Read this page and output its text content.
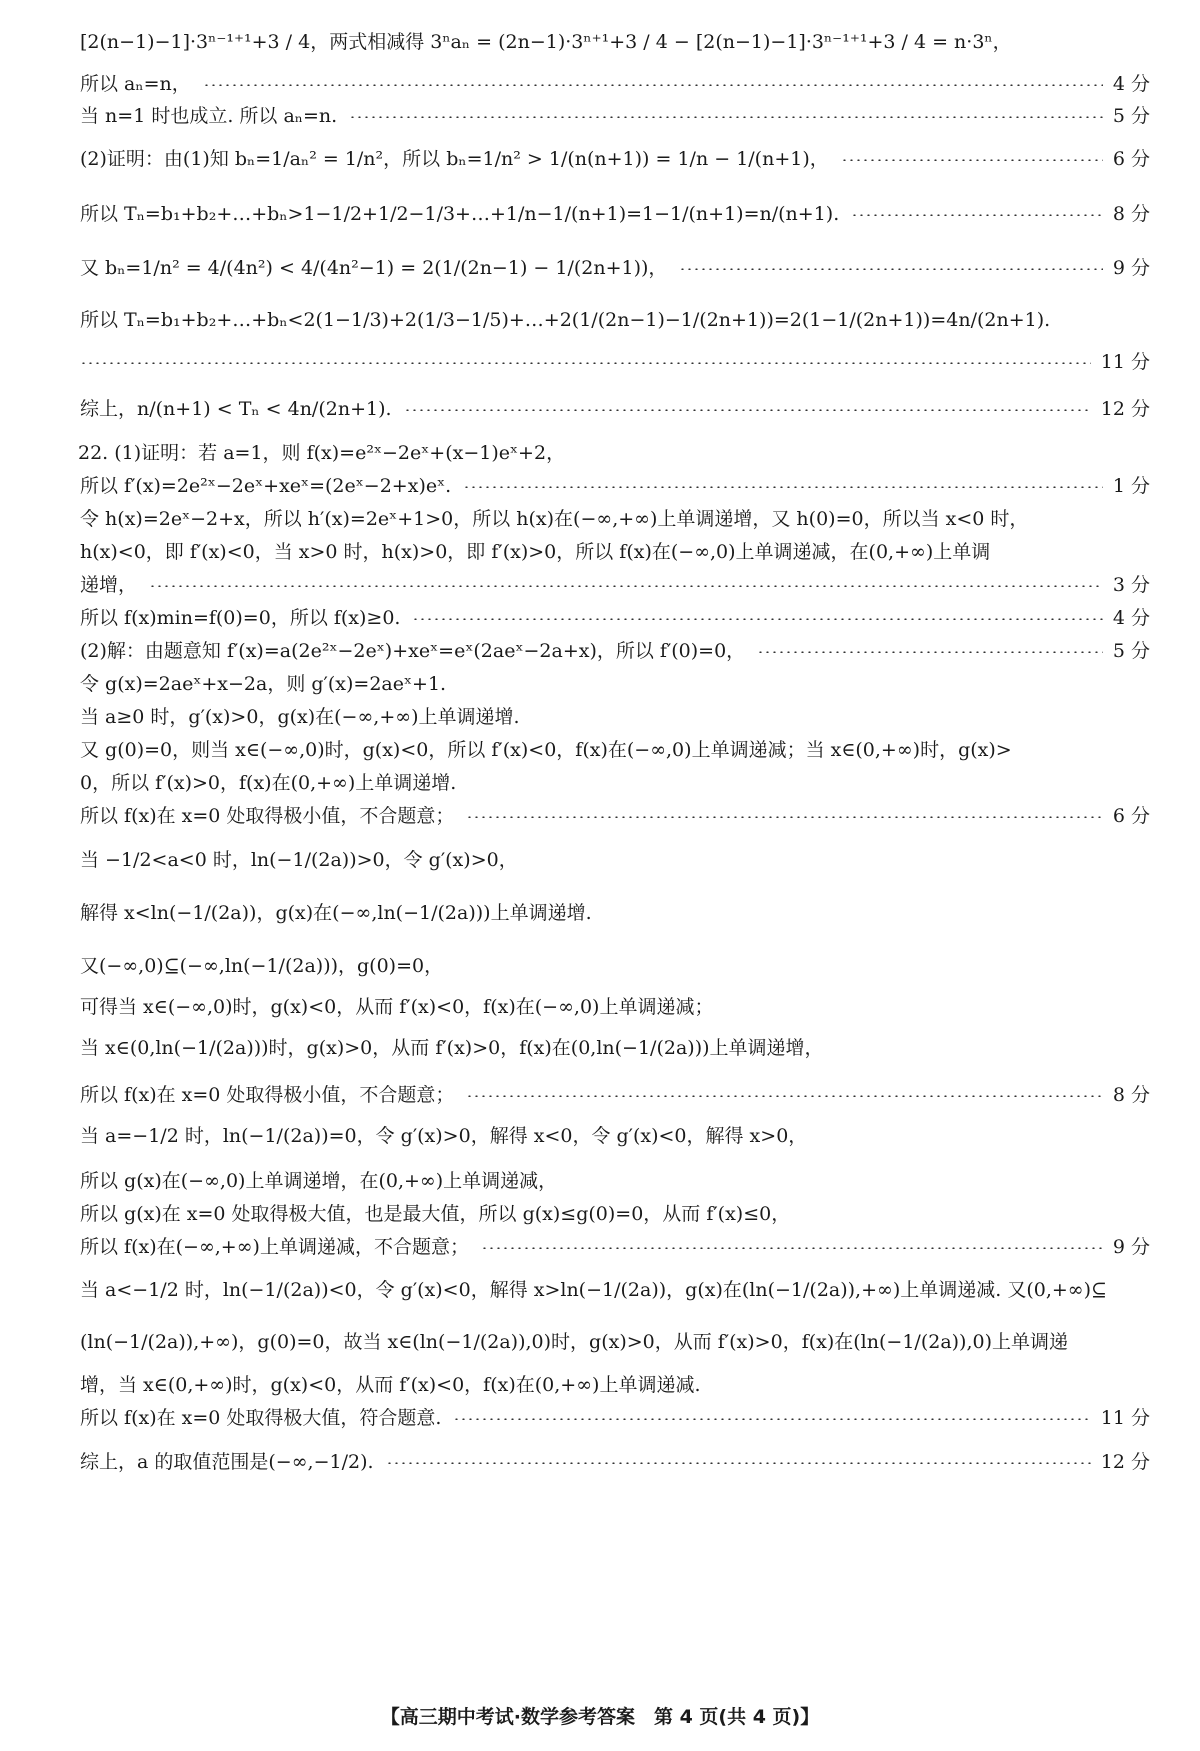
[2(n−1)−1]·3ⁿ⁻¹⁺¹+3 / 4，两式相减得 3ⁿaₙ = (2n−1)·3ⁿ⁺¹+3 / 4 − [2(n−1)−1]·3ⁿ⁻¹⁺¹+3 / 4 = n·3ⁿ，
所以 aₙ=n，	4 分
当 n=1 时也成立. 所以 aₙ=n.	5 分
(2)证明：由(1)知 bₙ=1/aₙ² = 1/n²，所以 bₙ=1/n² > 1/(n(n+1)) = 1/n − 1/(n+1)，	6 分
所以 Tₙ=b₁+b₂+…+bₙ>1−1/2+1/2−1/3+…+1/n−1/(n+1)=1−1/(n+1)=n/(n+1).	8 分
又 bₙ=1/n² = 4/(4n²) < 4/(4n²−1) = 2(1/(2n−1) − 1/(2n+1))，	9 分
所以 Tₙ=b₁+b₂+…+bₙ<2(1−1/3)+2(1/3−1/5)+…+2(1/(2n−1)−1/(2n+1))=2(1−1/(2n+1))=4n/(2n+1).
11 分
综上，n/(n+1) < Tₙ < 4n/(2n+1).	12 分
22. (1)证明：若 a=1，则 f(x)=e²ˣ−2eˣ+(x−1)eˣ+2，
所以 f′(x)=2e²ˣ−2eˣ+xeˣ=(2eˣ−2+x)eˣ.	1 分
令 h(x)=2eˣ−2+x，所以 h′(x)=2eˣ+1>0，所以 h(x)在(−∞,+∞)上单调递增，又 h(0)=0，所以当 x<0 时，
h(x)<0，即 f′(x)<0，当 x>0 时，h(x)>0，即 f′(x)>0，所以 f(x)在(−∞,0)上单调递减，在(0,+∞)上单调
递增，	3 分
所以 f(x)min=f(0)=0，所以 f(x)≥0.	4 分
(2)解：由题意知 f′(x)=a(2e²ˣ−2eˣ)+xeˣ=eˣ(2aeˣ−2a+x)，所以 f′(0)=0，	5 分
令 g(x)=2aeˣ+x−2a，则 g′(x)=2aeˣ+1.
当 a≥0 时，g′(x)>0，g(x)在(−∞,+∞)上单调递增.
又 g(0)=0，则当 x∈(−∞,0)时，g(x)<0，所以 f′(x)<0，f(x)在(−∞,0)上单调递减；当 x∈(0,+∞)时，g(x)>
0，所以 f′(x)>0，f(x)在(0,+∞)上单调递增.
所以 f(x)在 x=0 处取得极小值，不合题意；	6 分
当 −1/2<a<0 时，ln(−1/(2a))>0，令 g′(x)>0，
解得 x<ln(−1/(2a))，g(x)在(−∞,ln(−1/(2a)))上单调递增.
又(−∞,0)⊆(−∞,ln(−1/(2a)))，g(0)=0，
可得当 x∈(−∞,0)时，g(x)<0，从而 f′(x)<0，f(x)在(−∞,0)上单调递减；
当 x∈(0,ln(−1/(2a)))时，g(x)>0，从而 f′(x)>0，f(x)在(0,ln(−1/(2a)))上单调递增，
所以 f(x)在 x=0 处取得极小值，不合题意；	8 分
当 a=−1/2 时，ln(−1/(2a))=0，令 g′(x)>0，解得 x<0，令 g′(x)<0，解得 x>0，
所以 g(x)在(−∞,0)上单调递增，在(0,+∞)上单调递减，
所以 g(x)在 x=0 处取得极大值，也是最大值，所以 g(x)≤g(0)=0，从而 f′(x)≤0，
所以 f(x)在(−∞,+∞)上单调递减，不合题意；	9 分
当 a<−1/2 时，ln(−1/(2a))<0，令 g′(x)<0，解得 x>ln(−1/(2a))，g(x)在(ln(−1/(2a)),+∞)上单调递减. 又(0,+∞)⊆
(ln(−1/(2a)),+∞)，g(0)=0，故当 x∈(ln(−1/(2a)),0)时，g(x)>0，从而 f′(x)>0，f(x)在(ln(−1/(2a)),0)上单调递
增，当 x∈(0,+∞)时，g(x)<0，从而 f′(x)<0，f(x)在(0,+∞)上单调递减.
所以 f(x)在 x=0 处取得极大值，符合题意.	11 分
综上，a 的取值范围是(−∞,−1/2).	12 分
【高三期中考试·数学参考答案　第 4 页(共 4 页)】
